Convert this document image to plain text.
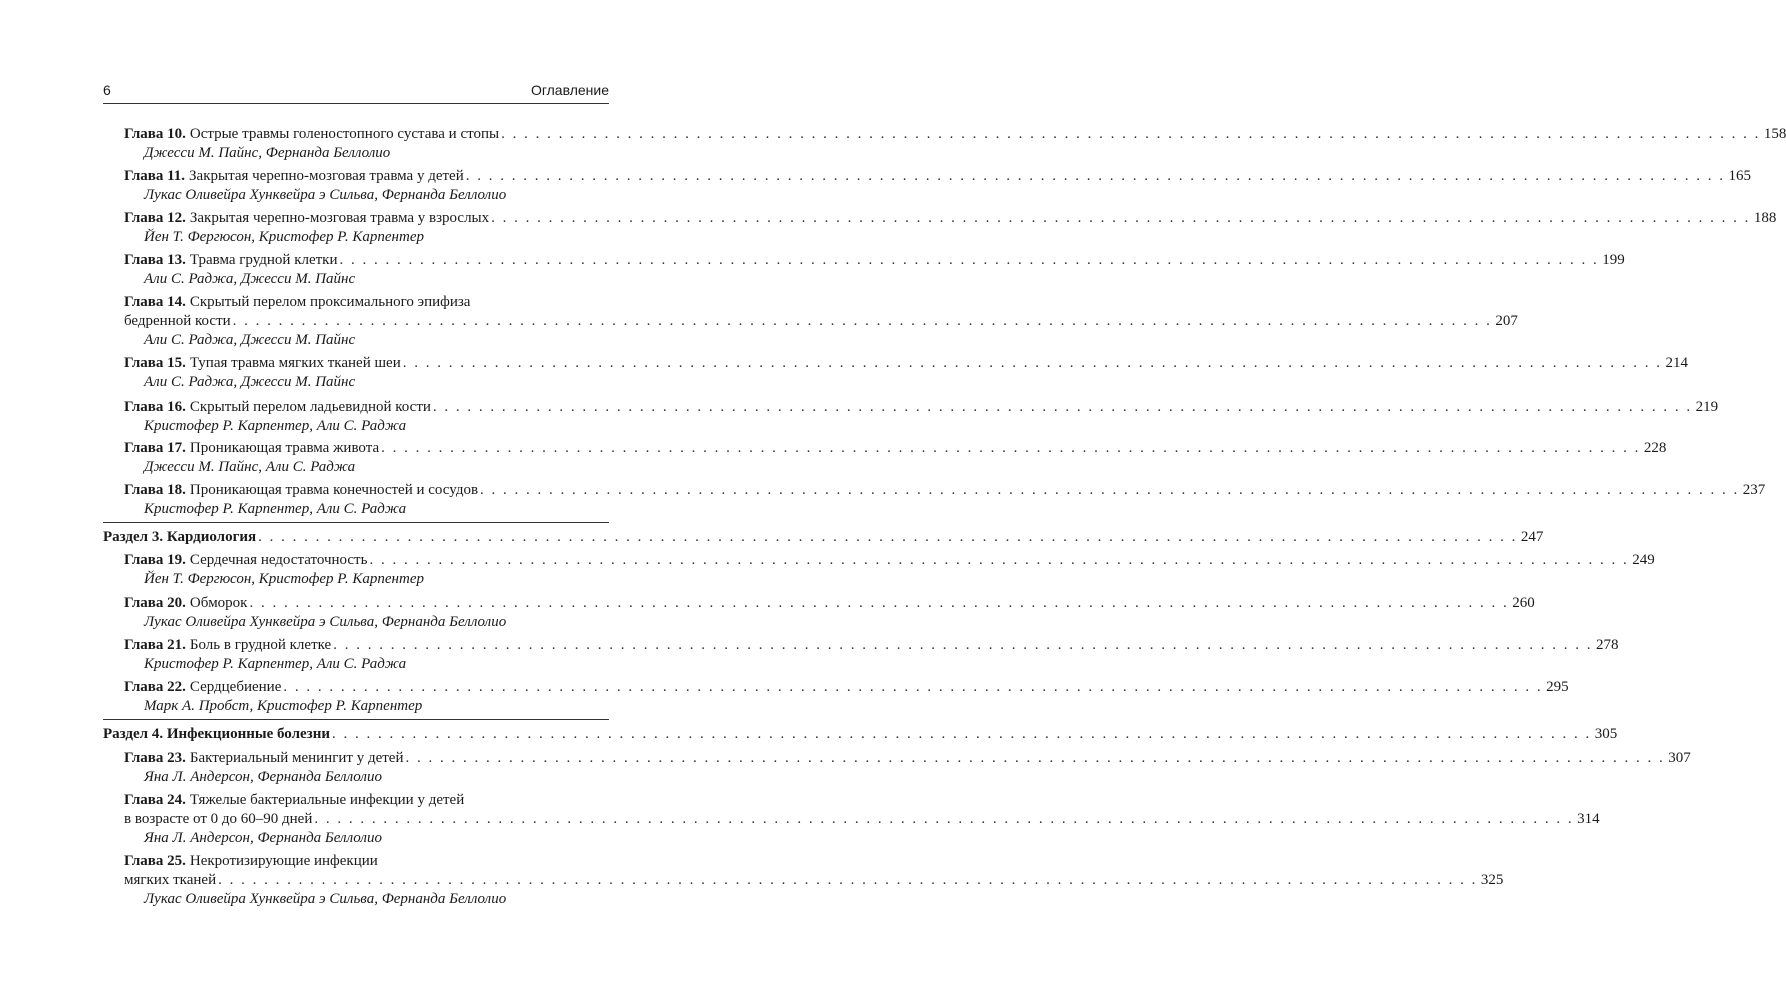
6	Оглавление
Глава 10. Острые травмы голеностопного сустава и стопы . . . . . . . . . . . . . . . . . . . . . . . . . . . . . . . . . . . . . . . . . . . . . . . . . . . . . . . . . . . . . . . . . . . . . . . . . . . . . . . . . . . . . . . . . . . . . . . . . . . . . . . . . . . . . . 158
Джесси М. Пайнс, Фернанда Беллолио
Глава 11. Закрытая черепно-мозговая травма у детей . . . . . . . . . . . . . . . . . . . . . . . . . . . . . . . . . . . . . . . . . . . . . . . . . . . . . . . . . . . . . . . . . . . . . . . . . . . . . . . . . . . . . . . . . . . . . . . . . . . . . . . . . . . . . . 165
Лукас Оливейра Хунквейра э Сильва, Фернанда Беллолио
Глава 12. Закрытая черепно-мозговая травма у взрослых . . . . . . . . . . . . . . . . . . . . . . . . . . . . . . . . . . . . . . . . . . . . . . . . . . . . . . . . . . . . . . . . . . . . . . . . . . . . . . . . . . . . . . . . . . . . . . . . . . . . . . . . . . . . . . 188
Йен Т. Фергюсон, Кристофер Р. Карпентер
Глава 13. Травма грудной клетки . . . . . . . . . . . . . . . . . . . . . . . . . . . . . . . . . . . . . . . . . . . . . . . . . . . . . . . . . . . . . . . . . . . . . . . . . . . . . . . . . . . . . . . . . . . . . . . . . . . . . . . . . . . . . . 199
Али С. Раджа, Джесси М. Пайнс
Глава 14. Скрытый перелом проксимального эпифиза
бедренной кости . . . . . . . . . . . . . . . . . . . . . . . . . . . . . . . . . . . . . . . . . . . . . . . . . . . . . . . . . . . . . . . . . . . . . . . . . . . . . . . . . . . . . . . . . . . . . . . . . . . . . . . . . . . . . . 207
Али С. Раджа, Джесси М. Пайнс
Глава 15. Тупая травма мягких тканей шеи . . . . . . . . . . . . . . . . . . . . . . . . . . . . . . . . . . . . . . . . . . . . . . . . . . . . . . . . . . . . . . . . . . . . . . . . . . . . . . . . . . . . . . . . . . . . . . . . . . . . . . . . . . . . . . 214
Али С. Раджа, Джесси М. Пайнс
Глава 16. Скрытый перелом ладьевидной кости . . . . . . . . . . . . . . . . . . . . . . . . . . . . . . . . . . . . . . . . . . . . . . . . . . . . . . . . . . . . . . . . . . . . . . . . . . . . . . . . . . . . . . . . . . . . . . . . . . . . . . . . . . . . . . 219
Кристофер Р. Карпентер, Али С. Раджа
Глава 17. Проникающая травма живота . . . . . . . . . . . . . . . . . . . . . . . . . . . . . . . . . . . . . . . . . . . . . . . . . . . . . . . . . . . . . . . . . . . . . . . . . . . . . . . . . . . . . . . . . . . . . . . . . . . . . . . . . . . . . . 228
Джесси М. Пайнс, Али С. Раджа
Глава 18. Проникающая травма конечностей и сосудов . . . . . . . . . . . . . . . . . . . . . . . . . . . . . . . . . . . . . . . . . . . . . . . . . . . . . . . . . . . . . . . . . . . . . . . . . . . . . . . . . . . . . . . . . . . . . . . . . . . . . . . . . . . . . . 237
Кристофер Р. Карпентер, Али С. Раджа
Раздел 3. Кардиология . . . . . . . . . . . . . . . . . . . . . . . . . . . . . . . . . . . . . . . . . . . . . . . . . . . . . . . . . . . . . . . . . . . . . . . . . . . . . . . . . . . . . . . . . . . . . . . . . . . . . . . . . . . . . . 247
Глава 19. Сердечная недостаточность . . . . . . . . . . . . . . . . . . . . . . . . . . . . . . . . . . . . . . . . . . . . . . . . . . . . . . . . . . . . . . . . . . . . . . . . . . . . . . . . . . . . . . . . . . . . . . . . . . . . . . . . . . . . . . 249
Йен Т. Фергюсон, Кристофер Р. Карпентер
Глава 20. Обморок . . . . . . . . . . . . . . . . . . . . . . . . . . . . . . . . . . . . . . . . . . . . . . . . . . . . . . . . . . . . . . . . . . . . . . . . . . . . . . . . . . . . . . . . . . . . . . . . . . . . . . . . . . . . . . 260
Лукас Оливейра Хунквейра э Сильва, Фернанда Беллолио
Глава 21. Боль в грудной клетке . . . . . . . . . . . . . . . . . . . . . . . . . . . . . . . . . . . . . . . . . . . . . . . . . . . . . . . . . . . . . . . . . . . . . . . . . . . . . . . . . . . . . . . . . . . . . . . . . . . . . . . . . . . . . . 278
Кристофер Р. Карпентер, Али С. Раджа
Глава 22. Сердцебиение . . . . . . . . . . . . . . . . . . . . . . . . . . . . . . . . . . . . . . . . . . . . . . . . . . . . . . . . . . . . . . . . . . . . . . . . . . . . . . . . . . . . . . . . . . . . . . . . . . . . . . . . . . . . . . 295
Марк А. Пробст, Кристофер Р. Карпентер
Раздел 4. Инфекционные болезни . . . . . . . . . . . . . . . . . . . . . . . . . . . . . . . . . . . . . . . . . . . . . . . . . . . . . . . . . . . . . . . . . . . . . . . . . . . . . . . . . . . . . . . . . . . . . . . . . . . . . . . . . . . . . . 305
Глава 23. Бактериальный менингит у детей . . . . . . . . . . . . . . . . . . . . . . . . . . . . . . . . . . . . . . . . . . . . . . . . . . . . . . . . . . . . . . . . . . . . . . . . . . . . . . . . . . . . . . . . . . . . . . . . . . . . . . . . . . . . . . 307
Яна Л. Андерсон, Фернанда Беллолио
Глава 24. Тяжелые бактериальные инфекции у детей
в возрасте от 0 до 60–90 дней . . . . . . . . . . . . . . . . . . . . . . . . . . . . . . . . . . . . . . . . . . . . . . . . . . . . . . . . . . . . . . . . . . . . . . . . . . . . . . . . . . . . . . . . . . . . . . . . . . . . . . . . . . . . . . 314
Яна Л. Андерсон, Фернанда Беллолио
Глава 25. Некротизирующие инфекции
мягких тканей . . . . . . . . . . . . . . . . . . . . . . . . . . . . . . . . . . . . . . . . . . . . . . . . . . . . . . . . . . . . . . . . . . . . . . . . . . . . . . . . . . . . . . . . . . . . . . . . . . . . . . . . . . . . . . 325
Лукас Оливейра Хунквейра э Сильва, Фернанда Беллолио
